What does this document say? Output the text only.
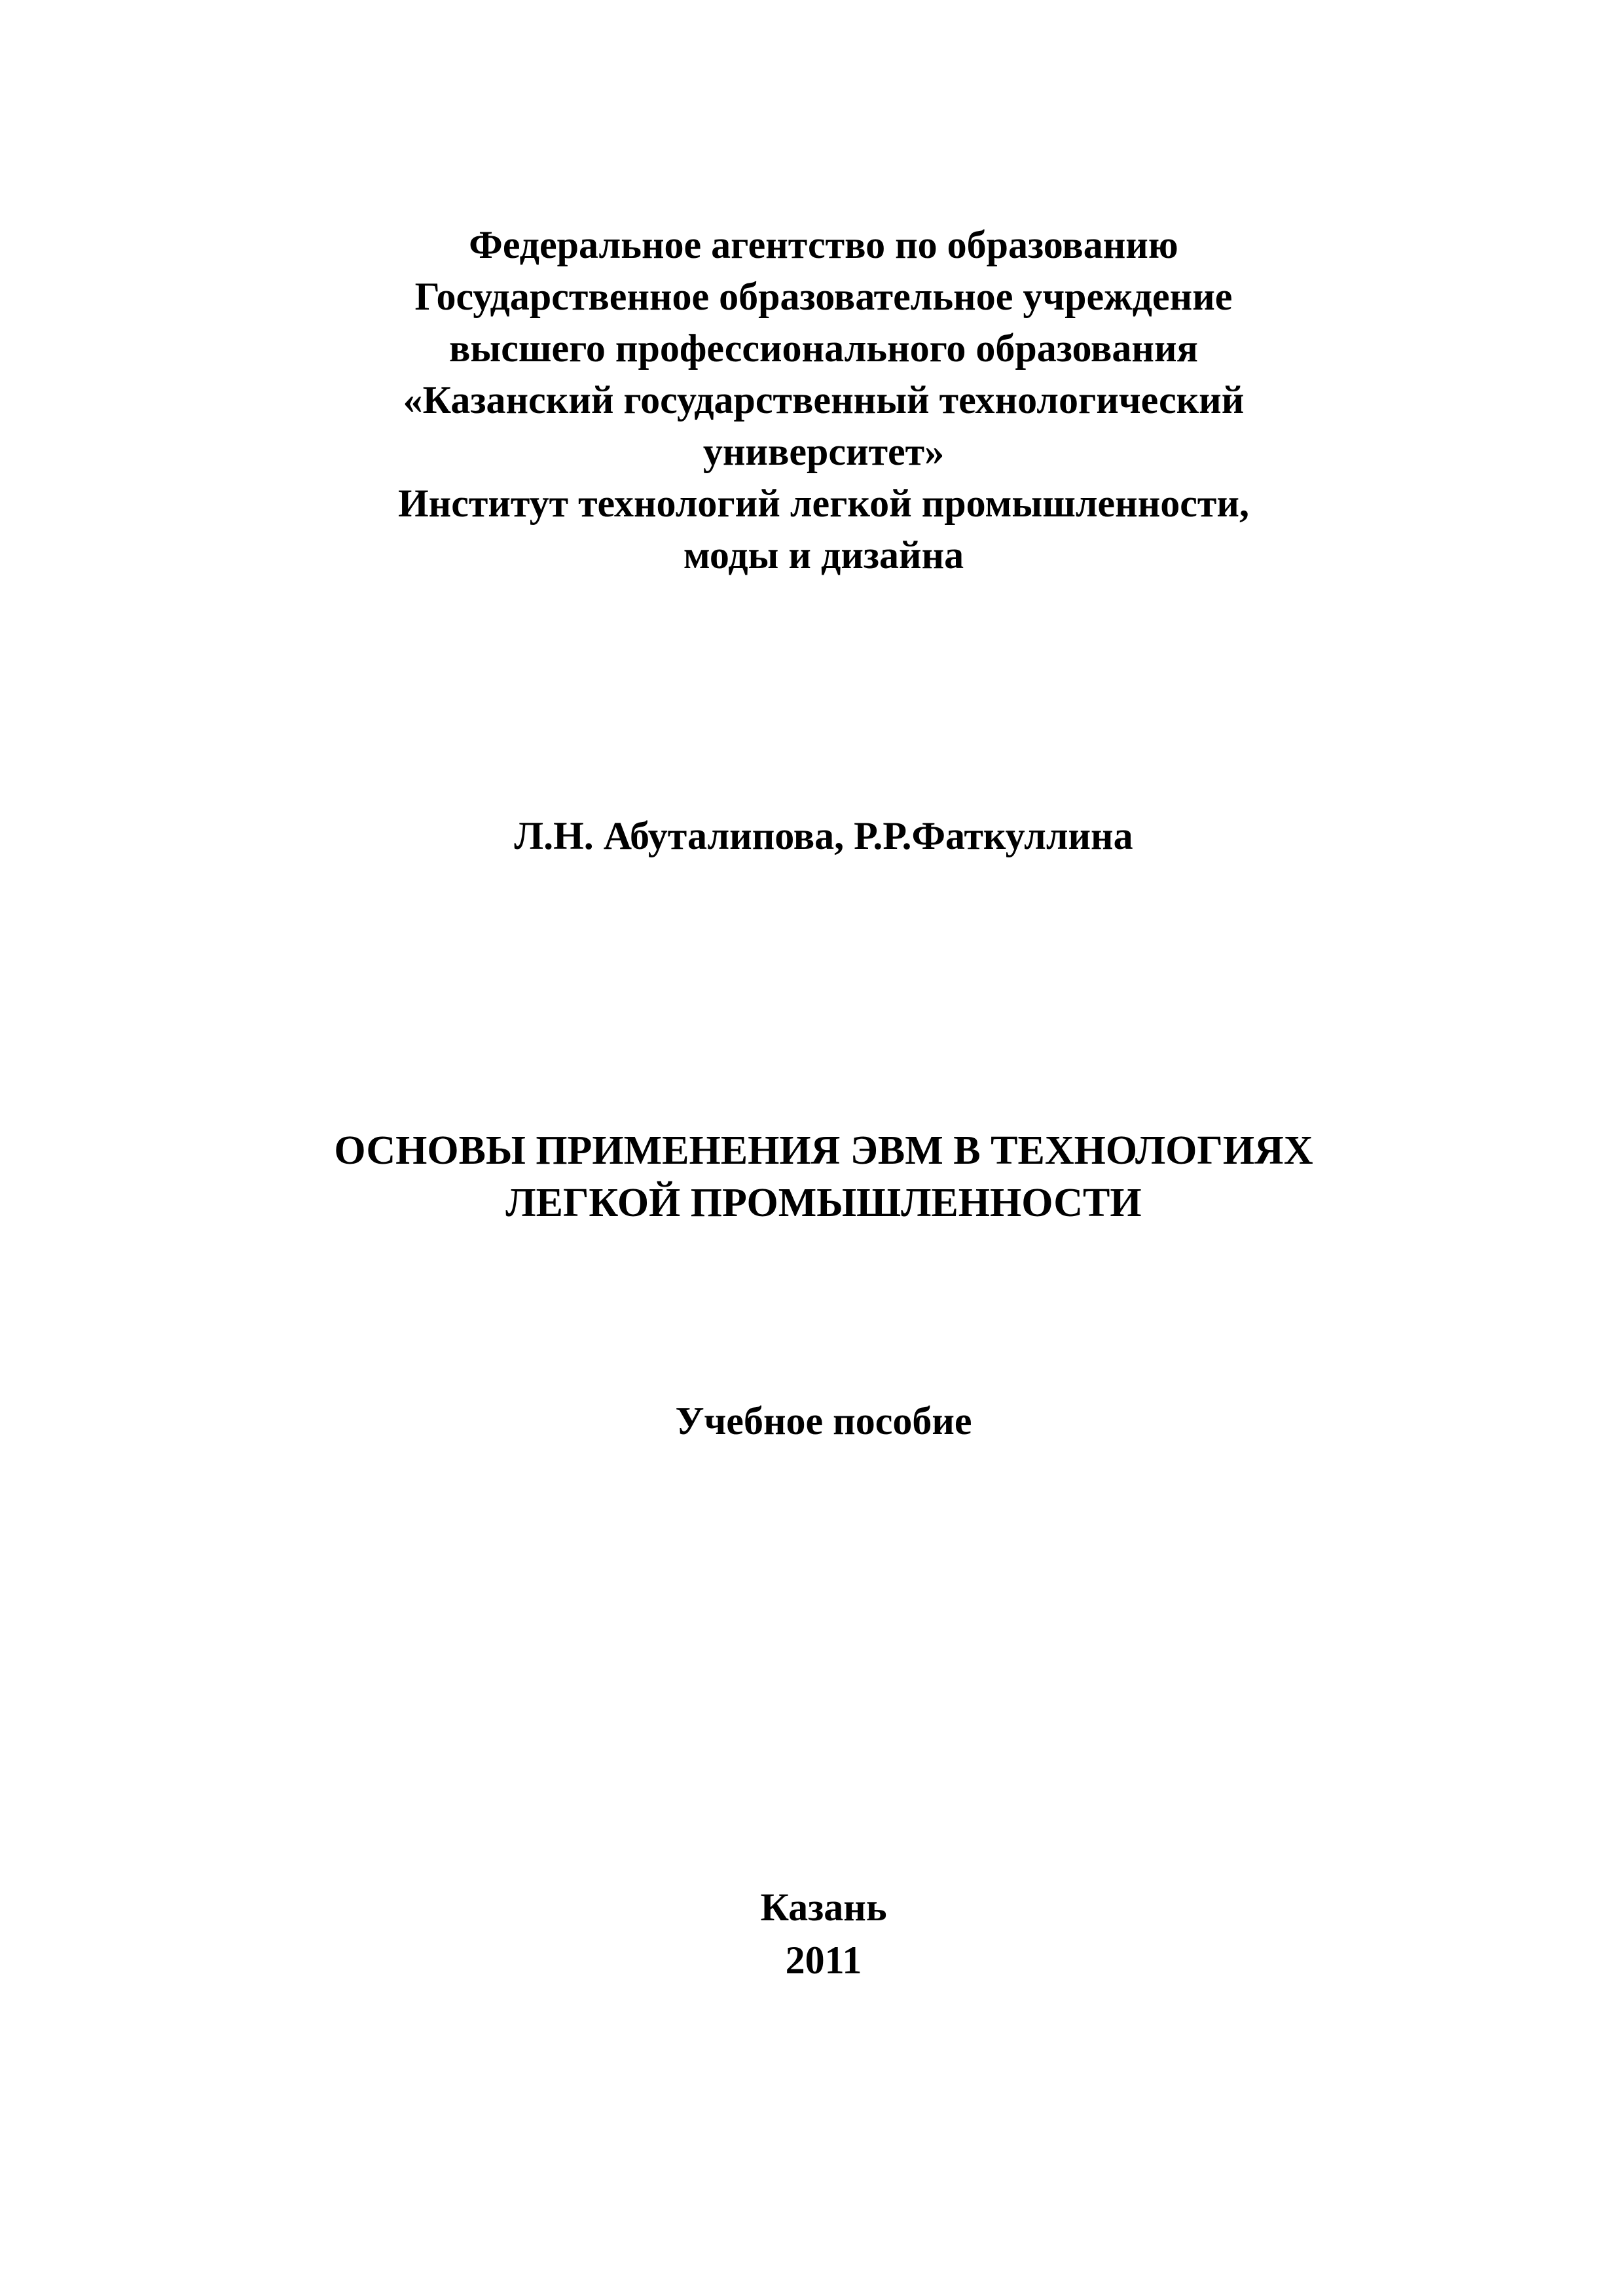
Федеральное агентство по образованию
Государственное образовательное учреждение
высшего профессионального образования
«Казанский государственный технологический
университет»
Институт технологий легкой промышленности,
моды и дизайна
Л.Н. Абуталипова, Р.Р.Фаткуллина
ОСНОВЫ ПРИМЕНЕНИЯ ЭВМ В ТЕХНОЛОГИЯХ
ЛЕГКОЙ ПРОМЫШЛЕННОСТИ
Учебное пособие
Казань
2011
